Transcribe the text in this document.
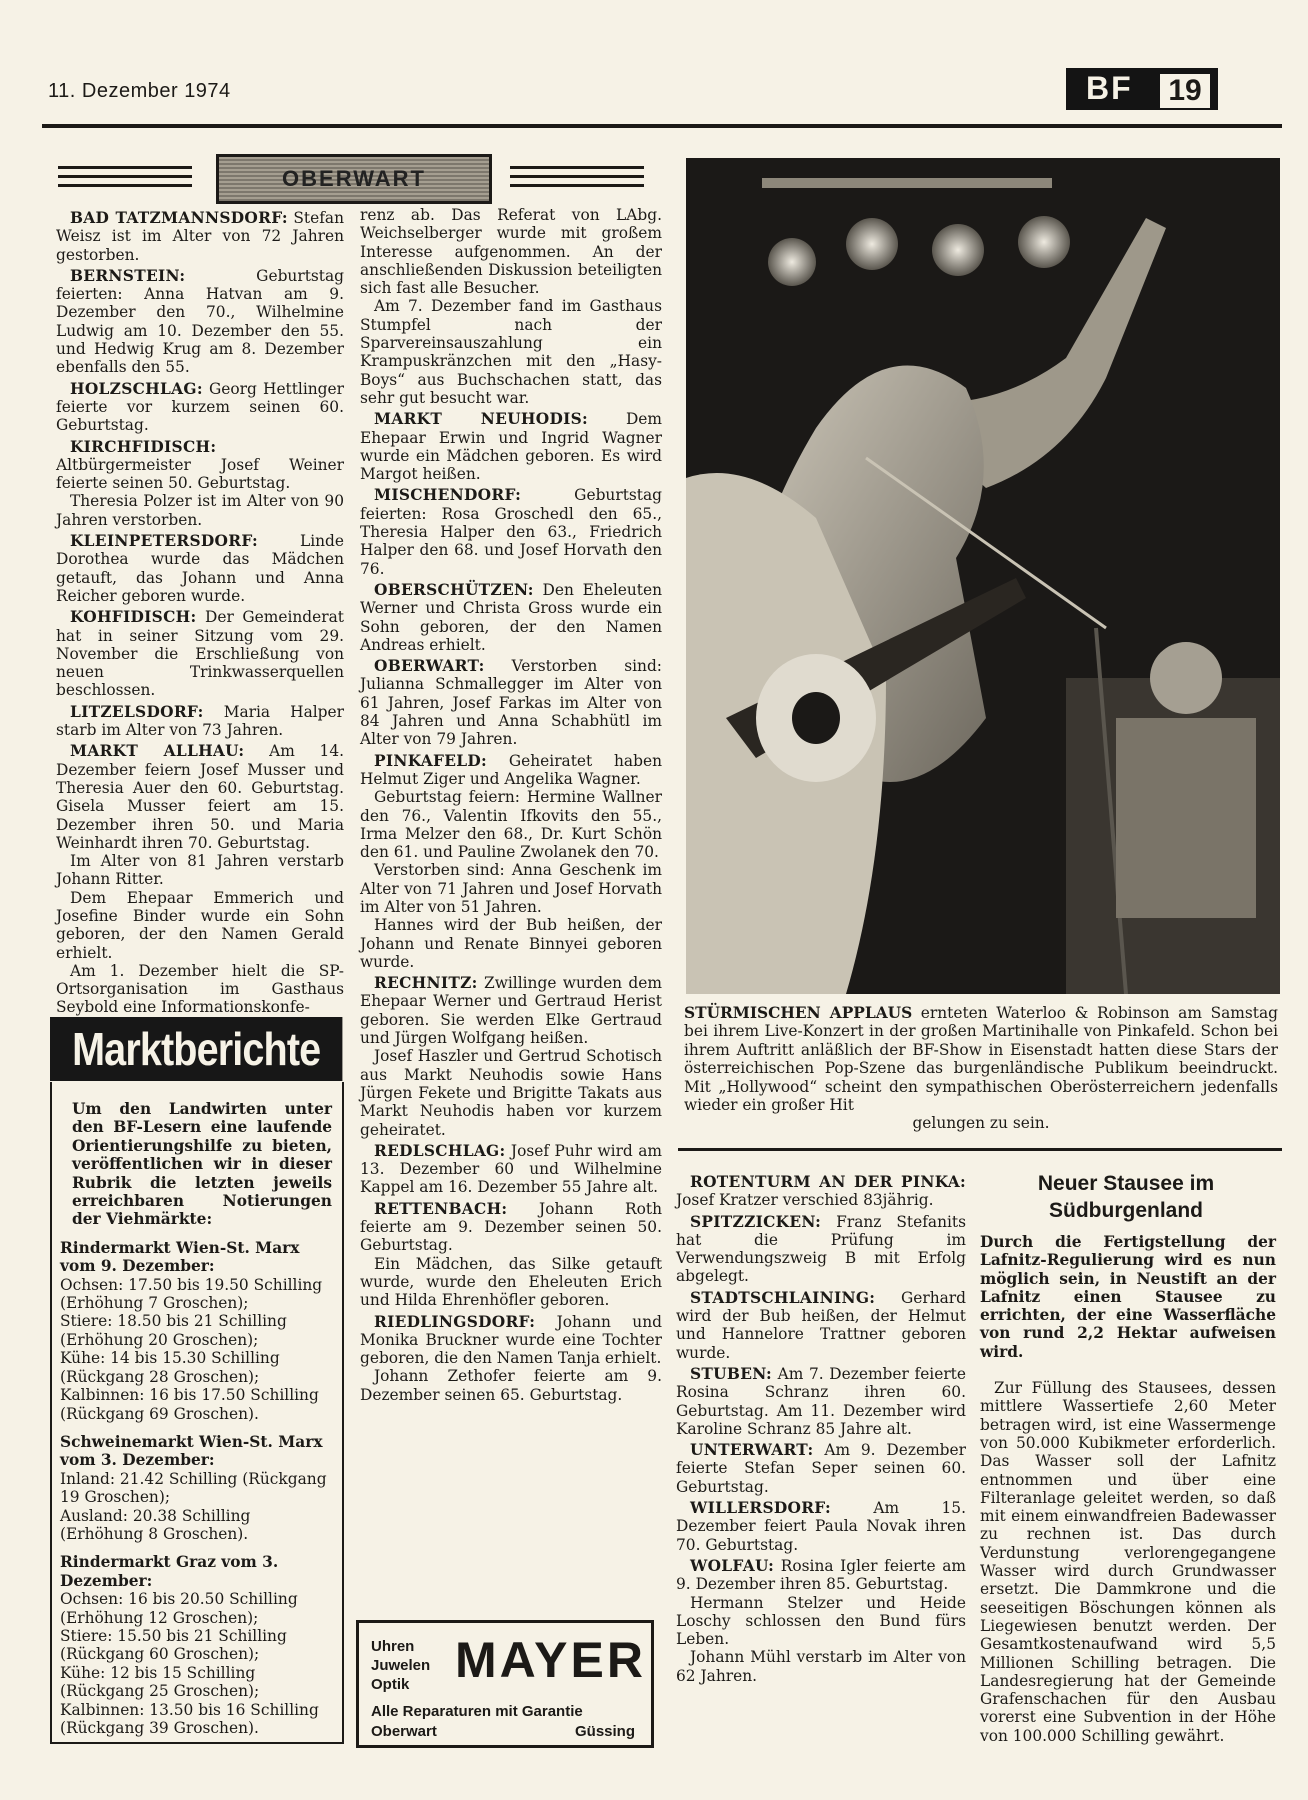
11. Dezember 1974	BF	19
OBERWART

BAD TATZMANNSDORF: Stefan Weisz ist im Alter von 72 Jahren gestorben.

BERNSTEIN:	Geburtstag feierten: Anna Hatvan am 9. Dezember den 70., Wilhelmine Ludwig am 10. Dezember den 55. und Hedwig Krug am 8. Dezember ebenfalls den 55.

HOLZSCHLAG: Georg Hettlinger feierte vor kurzem seinen 60. Geburtstag.

KIRCHFIDISCH: Altbürgermeister Josef Weiner feierte seinen 50. Geburtstag.

Theresia Polzer ist im Alter von 90 Jahren verstorben.

KLEINPETERSDORF:	Linde Dorothea wurde das Mädchen getauft, das Johann und Anna Reicher geboren wurde.

KOHFIDISCH: Der Gemeinderat hat in seiner Sitzung vom 29. November die Erschließung von neuen Trinkwasserquellen beschlossen.

LITZELSDORF: Maria Halper starb im Alter von 73 Jahren.

MARKT ALLHAU: Am 14. Dezember feiern Josef Musser und Theresia Auer den 60. Geburtstag. Gisela Musser feiert am 15. Dezember ihren 50. und Maria Weinhardt ihren 70. Geburtstag.

Im Alter von 81 Jahren verstarb Johann Ritter.

Dem Ehepaar Emmerich und Josefine Binder wurde ein Sohn geboren, der den Namen Gerald erhielt.

Am 1. Dezember hielt die SP-Ortsorganisation im Gasthaus Seybold eine Informationskonfe-

Marktberichte

Um den Landwirten unter den BF-Lesern eine laufende Orientierungshilfe zu bieten, veröffentlichen wir in dieser Rubrik die letzten jeweils erreichbaren Notierungen der Viehmärkte:

Rindermarkt Wien-St. Marx vom 9. Dezember:

Ochsen: 17.50 bis 19.50 Schilling (Erhöhung 7 Groschen);

Stiere: 18.50 bis 21 Schilling (Erhöhung 20 Groschen);

Kühe: 14 bis 15.30 Schilling (Rückgang 28 Groschen);

Kalbinnen: 16 bis 17.50 Schilling (Rückgang 69 Groschen).

Schweinemarkt Wien-St. Marx vom 3. Dezember:

Inland: 21.42 Schilling (Rückgang 19 Groschen);

Ausland: 20.38 Schilling (Erhöhung 8 Groschen).

Rindermarkt Graz vom 3. Dezember:

Ochsen: 16 bis 20.50 Schilling (Erhöhung 12 Groschen);

Stiere: 15.50 bis 21 Schilling (Rückgang 60 Groschen);

Kühe: 12 bis 15 Schilling (Rückgang 25 Groschen);

Kalbinnen: 13.50 bis 16 Schilling (Rückgang 39 Groschen).

renz ab. Das Referat von LAbg. Weichselberger wurde mit großem Interesse aufgenommen. An der anschließenden Diskussion beteiligten sich fast alle Besucher.

Am 7. Dezember fand im Gasthaus Stumpfel nach der Sparvereinsauszahlung ein Krampuskränzchen mit den „Hasy-Boys“ aus Buchschachen statt, das sehr gut besucht war.

MARKT NEUHODIS: Dem Ehepaar Erwin und Ingrid Wagner wurde ein Mädchen geboren. Es wird Margot heißen.

MISCHENDORF:	Geburtstag feierten: Rosa Groschedl den 65., Theresia Halper den 63., Friedrich Halper den 68. und Josef Horvath den 76.

OBERSCHÜTZEN: Den Eheleuten Werner und Christa Gross wurde ein Sohn geboren, der den Namen Andreas erhielt.

OBERWART: Verstorben sind: Julianna Schmallegger im Alter von 61 Jahren, Josef Farkas im Alter von 84 Jahren und Anna Schabhütl im Alter von 79 Jahren.

PINKAFELD: Geheiratet haben Helmut Ziger und Angelika Wagner.

Geburtstag feiern: Hermine Wallner den 76., Valentin Ifkovits den 55., Irma Melzer den 68., Dr. Kurt Schön den 61. und Pauline Zwolanek den 70.

Verstorben sind: Anna Geschenk im Alter von 71 Jahren und Josef Horvath im Alter von 51 Jahren.

Hannes wird der Bub heißen, der Johann und Renate Binnyei geboren wurde.

RECHNITZ: Zwillinge wurden dem Ehepaar Werner und Gertraud Herist geboren. Sie werden Elke Gertraud und Jürgen Wolfgang heißen.

Josef Haszler und Gertrud Schotisch aus Markt Neuhodis sowie Hans Jürgen Fekete und Brigitte Takats aus Markt Neuhodis haben vor kurzem geheiratet.

REDLSCHLAG: Josef Puhr wird am 13. Dezember 60 und Wilhelmine Kappel am 16. Dezember 55 Jahre alt.

RETTENBACH: Johann Roth feierte am 9. Dezember seinen 50. Geburtstag.

Ein Mädchen, das Silke getauft wurde, wurde den Eheleuten Erich und Hilda Ehrenhöfler geboren.

RIEDLINGSDORF: Johann und Monika Bruckner wurde eine Tochter geboren, die den Namen Tanja erhielt.

Johann Zethofer feierte am 9. Dezember seinen 65. Geburtstag.

Uhren
Juwelen
Optik MAYER
Alle Reparaturen mit Garantie
Oberwart	Güssing
STÜRMISCHEN APPLAUS ernteten Waterloo & Robinson am Samstag bei ihrem Live-Konzert in der großen Martinihalle von Pinkafeld. Schon bei ihrem Auftritt anläßlich der BF-Show in Eisenstadt hatten diese Stars der österreichischen Pop-Szene das burgenländische Publikum beeindruckt. Mit „Hollywood“ scheint den sympathischen Oberösterreichern jedenfalls wieder ein großer Hit
gelungen zu sein.

ROTENTURM AN DER PINKA: Josef Kratzer verschied 83jährig.

SPITZZICKEN: Franz Stefanits hat die Prüfung im Verwendungszweig B mit Erfolg abgelegt.

STADTSCHLAINING: Gerhard wird der Bub heißen, der Helmut und Hannelore Trattner geboren wurde.

STUBEN: Am 7. Dezember feierte Rosina Schranz ihren 60. Geburtstag. Am 11. Dezember wird Karoline Schranz 85 Jahre alt.

UNTERWART: Am 9. Dezember feierte Stefan Seper seinen 60. Geburtstag.

WILLERSDORF:	Am 15. Dezember feiert Paula Novak ihren 70. Geburtstag.

WOLFAU: Rosina Igler feierte am 9. Dezember ihren 85. Geburtstag.

Hermann Stelzer und Heide Loschy schlossen den Bund fürs Leben.

Johann Mühl verstarb im Alter von 62 Jahren.

Neuer Stausee im Südburgenland

Durch die Fertigstellung der Lafnitz-Regulierung wird es nun möglich sein, in Neustift an der Lafnitz einen Stausee zu errichten, der eine Wasserfläche von rund 2,2 Hektar aufweisen wird.

Zur Füllung des Stausees, dessen mittlere Wassertiefe 2,60 Meter betragen wird, ist eine Wassermenge von 50.000 Kubikmeter erforderlich. Das Wasser soll der Lafnitz entnommen und über eine Filteranlage geleitet werden, so daß mit einem einwandfreien Badewasser zu rechnen ist. Das durch Verdunstung verlorengegangene Wasser wird durch Grundwasser ersetzt. Die Dammkrone und die seeseitigen Böschungen können als Liegewiesen benutzt werden. Der Gesamtkostenaufwand wird 5,5 Millionen Schilling betragen. Die Landesregierung hat der Gemeinde Grafenschachen für den Ausbau vorerst eine Subvention in der Höhe von 100.000 Schilling gewährt.
